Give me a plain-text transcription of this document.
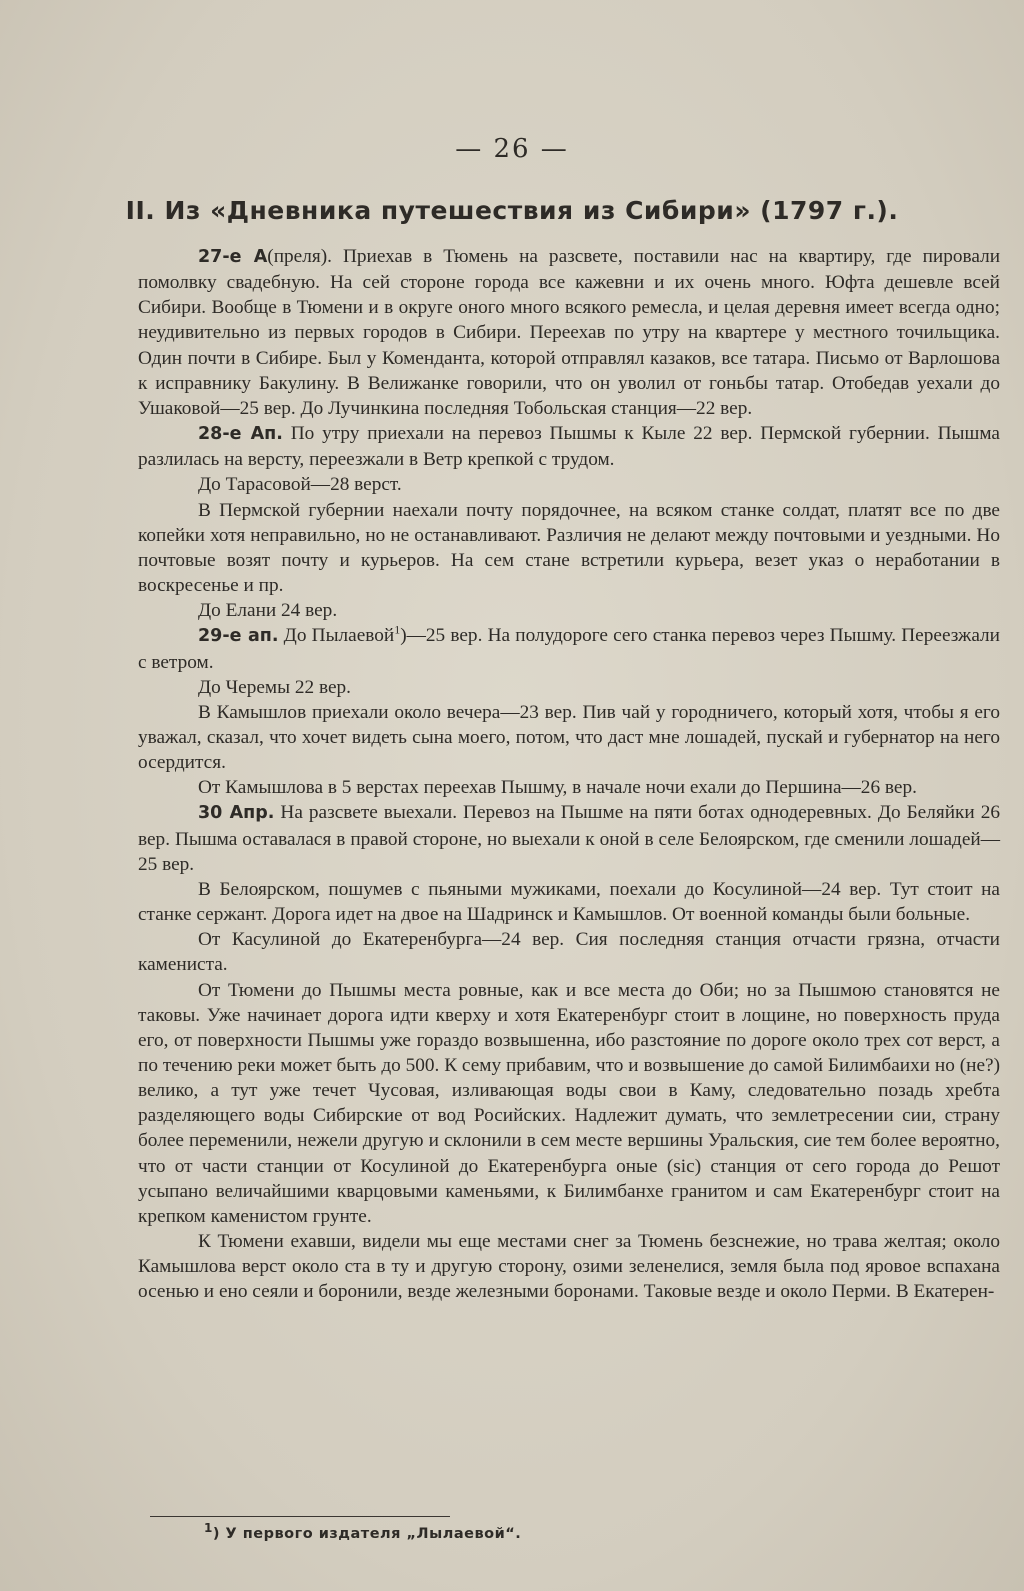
— 26 —
II. Из «Дневника путешествия из Сибири» (1797 г.).

27-е А(преля). Приехав в Тюмень на разсвете, поставили нас на квартиру, где пировали помолвку свадебную. На сей стороне города все кажевни и их очень много. Юфта дешевле всей Сибири. Вообще в Тюмени и в округе оного много всякого ремесла, и целая деревня имеет всегда одно; неудивительно из первых городов в Сибири. Переехав по утру на квартере у местного точильщика. Один почти в Сибире. Был у Коменданта, которой отправлял казаков, все татара. Письмо от Варлошова к исправнику Бакулину. В Велижанке говорили, что он уволил от гоньбы татар. Отобедав уехали до Ушаковой—25 вер. До Лучинкина последняя Тобольская станция—22 вер.

28-е Ап. По утру приехали на перевоз Пышмы к Кыле 22 вер. Пермской губернии. Пышма разлилась на версту, переезжали в Ветр крепкой с трудом.

До Тарасовой—28 верст.

В Пермской губернии наехали почту порядочнее, на всяком станке солдат, платят все по две копейки хотя неправильно, но не останавливают. Различия не делают между почтовыми и уездными. Но почтовые возят почту и курьеров. На сем стане встретили курьера, везет указ о неработании в воскресенье и пр.

До Елани 24 вер.

29-е ап. До Пылаевой$^1$)—25 вер. На полудороге сего станка перевоз через Пышму. Переезжали с ветром.

До Черемы 22 вер.

В Камышлов приехали около вечера—23 вер. Пив чай у городничего, который хотя, чтобы я его уважал, сказал, что хочет видеть сына моего, потом, что даст мне лошадей, пускай и губернатор на него осердится.

От Камышлова в 5 верстах переехав Пышму, в начале ночи ехали до Першина—26 вер.

30 Апр. На разсвете выехали. Перевоз на Пышме на пяти ботах однодеревных. До Беляйки 26 вер. Пышма оставалася в правой стороне, но выехали к оной в селе Белоярском, где сменили лошадей—25 вер.

В Белоярском, пошумев с пьяными мужиками, поехали до Косулиной—24 вер. Тут стоит на станке сержант. Дорога идет на двое на Шадринск и Камышлов. От военной команды были больные.

От Касулиной до Екатеренбурга—24 вер. Сия последняя станция отчасти грязна, отчасти камениста.

От Тюмени до Пышмы места ровные, как и все места до Оби; но за Пышмою становятся не таковы. Уже начинает дорога идти кверху и хотя Екатеренбург стоит в лощине, но поверхность пруда его, от поверхности Пышмы уже гораздо возвышенна, ибо разстояние по дороге около трех сот верст, а по течению реки может быть до 500. К сему прибавим, что и возвышение до самой Билимбаихи но (не?) велико, а тут уже течет Чусовая, изливающая воды свои в Каму, следовательно позадь хребта разделяющего воды Сибирские от вод Росийских. Надлежит думать, что землетресении сии, страну более переменили, нежели другую и склонили в сем месте вершины Уральския, сие тем более вероятно, что от части станции от Косулиной до Екатеренбурга оные (sic) станция от сего города до Решот усыпано величайшими кварцовыми каменьями, к Билимбанхе гранитом и сам Екатеренбург стоит на крепком каменистом грунте.

К Тюмени ехавши, видели мы еще местами снег за Тюмень безснежие, но трава желтая; около Камышлова верст около ста в ту и другую сторону, озими зеленелися, земля была под яровое вспахана осенью и ено сеяли и боронили, везде железными боронами. Таковые везде и около Перми. В Екатерен-

$^1$) У первого издателя „Лылаевой“.
